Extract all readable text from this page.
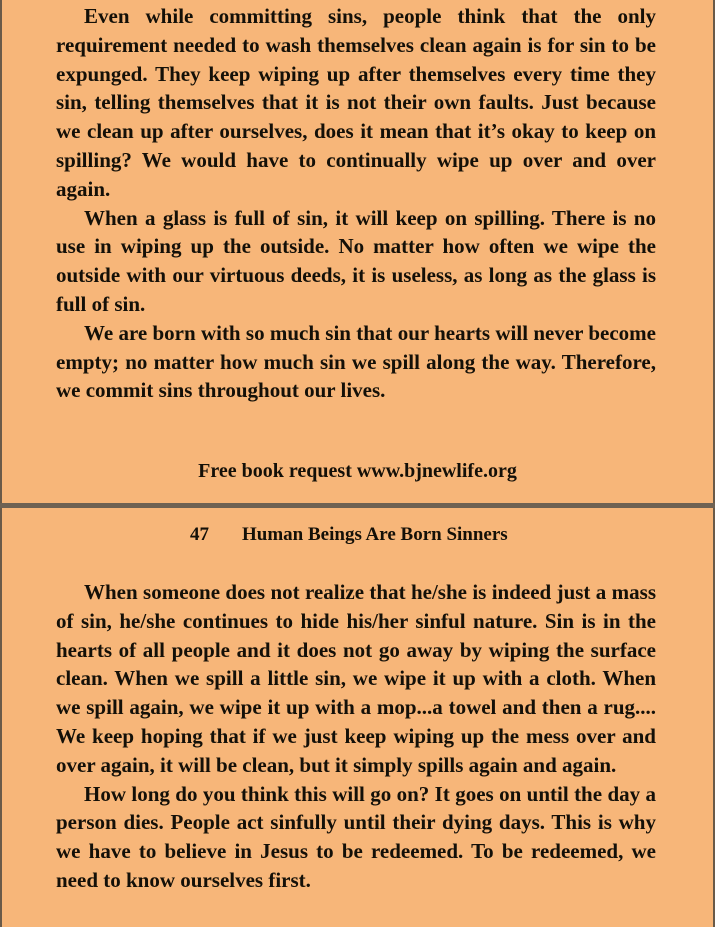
Even while committing sins, people think that the only requirement needed to wash themselves clean again is for sin to be expunged. They keep wiping up after themselves every time they sin, telling themselves that it is not their own faults. Just because we clean up after ourselves, does it mean that it’s okay to keep on spilling? We would have to continually wipe up over and over again.

When a glass is full of sin, it will keep on spilling. There is no use in wiping up the outside. No matter how often we wipe the outside with our virtuous deeds, it is useless, as long as the glass is full of sin.

We are born with so much sin that our hearts will never become empty; no matter how much sin we spill along the way. Therefore, we commit sins throughout our lives.

Free book request www.bjnewlife.org
47 Human Beings Are Born Sinners

When someone does not realize that he/she is indeed just a mass of sin, he/she continues to hide his/her sinful nature. Sin is in the hearts of all people and it does not go away by wiping the surface clean. When we spill a little sin, we wipe it up with a cloth. When we spill again, we wipe it up with a mop...a towel and then a rug.... We keep hoping that if we just keep wiping up the mess over and over again, it will be clean, but it simply spills again and again.

How long do you think this will go on? It goes on until the day a person dies. People act sinfully until their dying days. This is why we have to believe in Jesus to be redeemed. To be redeemed, we need to know ourselves first.
